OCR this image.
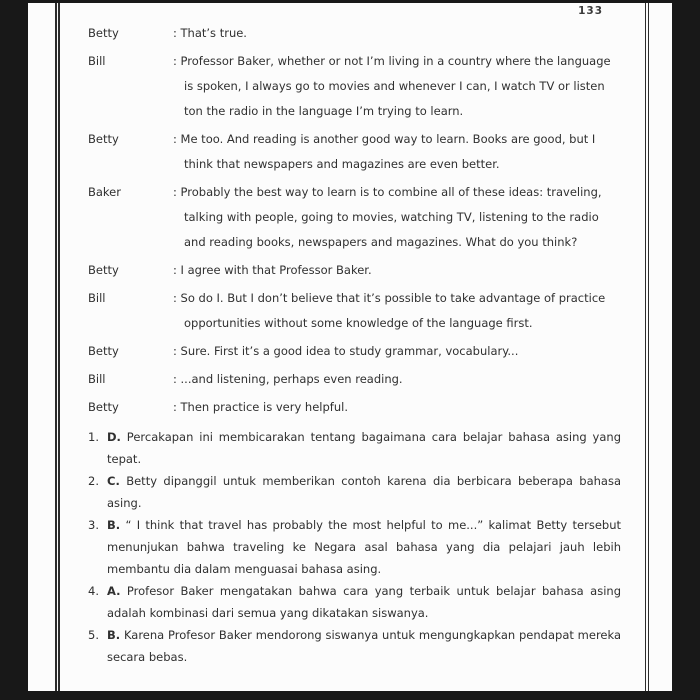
133
Betty	: That’s true.
Bill	: Professor Baker, whether or not I’m living in a country where the language is spoken, I always go to movies and whenever I can, I watch TV or listen ton the radio in the language I’m trying to learn.
Betty	: Me too. And reading is another good way to learn. Books are good, but I think that newspapers and magazines are even better.
Baker	: Probably the best way to learn is to combine all of these ideas: traveling, talking with people, going to movies, watching TV, listening to the radio and reading books, newspapers and magazines. What do you think?
Betty	: I agree with that Professor Baker.
Bill	: So do I. But I don’t believe that it’s possible to take advantage of practice opportunities without some knowledge of the language first.
Betty	: Sure. First it’s a good idea to study grammar, vocabulary...
Bill	: ...and listening, perhaps even reading.
Betty	: Then practice is very helpful.
1. D. Percakapan ini membicarakan tentang bagaimana cara belajar bahasa asing yang tepat.
2. C. Betty dipanggil untuk memberikan contoh karena dia berbicara beberapa bahasa asing.
3. B. “ I think that travel has probably the most helpful to me...” kalimat Betty tersebut menunjukan bahwa traveling ke Negara asal bahasa yang dia pelajari jauh lebih membantu dia dalam menguasai bahasa asing.
4. A. Profesor Baker mengatakan bahwa cara yang terbaik untuk belajar bahasa asing adalah kombinasi dari semua yang dikatakan siswanya.
5. B. Karena Profesor Baker mendorong siswanya untuk mengungkapkan pendapat mereka secara bebas.
